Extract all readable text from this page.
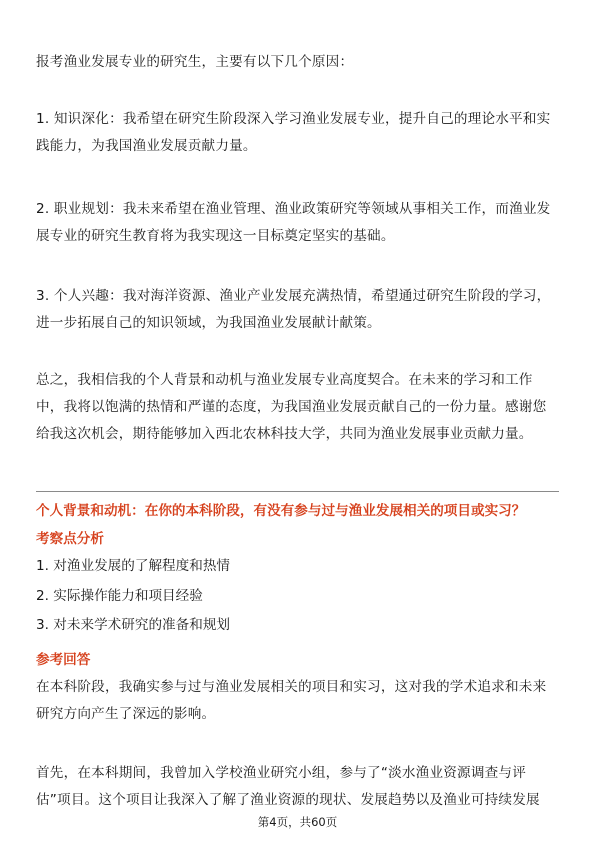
报考渔业发展专业的研究生，主要有以下几个原因：

1. 知识深化：我希望在研究生阶段深入学习渔业发展专业，提升自己的理论水平和实践能力，为我国渔业发展贡献力量。

2. 职业规划：我未来希望在渔业管理、渔业政策研究等领域从事相关工作，而渔业发展专业的研究生教育将为我实现这一目标奠定坚实的基础。

3. 个人兴趣：我对海洋资源、渔业产业发展充满热情，希望通过研究生阶段的学习，进一步拓展自己的知识领域，为我国渔业发展献计献策。

总之，我相信我的个人背景和动机与渔业发展专业高度契合。在未来的学习和工作中，我将以饱满的热情和严谨的态度，为我国渔业发展贡献自己的一份力量。感谢您给我这次机会，期待能够加入西北农林科技大学，共同为渔业发展事业贡献力量。

个人背景和动机：在你的本科阶段，有没有参与过与渔业发展相关的项目或实习？

考察点分析

1. 对渔业发展的了解程度和热情

2. 实际操作能力和项目经验

3. 对未来学术研究的准备和规划

参考回答

在本科阶段，我确实参与过与渔业发展相关的项目和实习，这对我的学术追求和未来研究方向产生了深远的影响。

首先，在本科期间，我曾加入学校渔业研究小组，参与了“淡水渔业资源调查与评估”项目。这个项目让我深入了解了渔业资源的现状、发展趋势以及渔业可持续发展

第4页，共60页
